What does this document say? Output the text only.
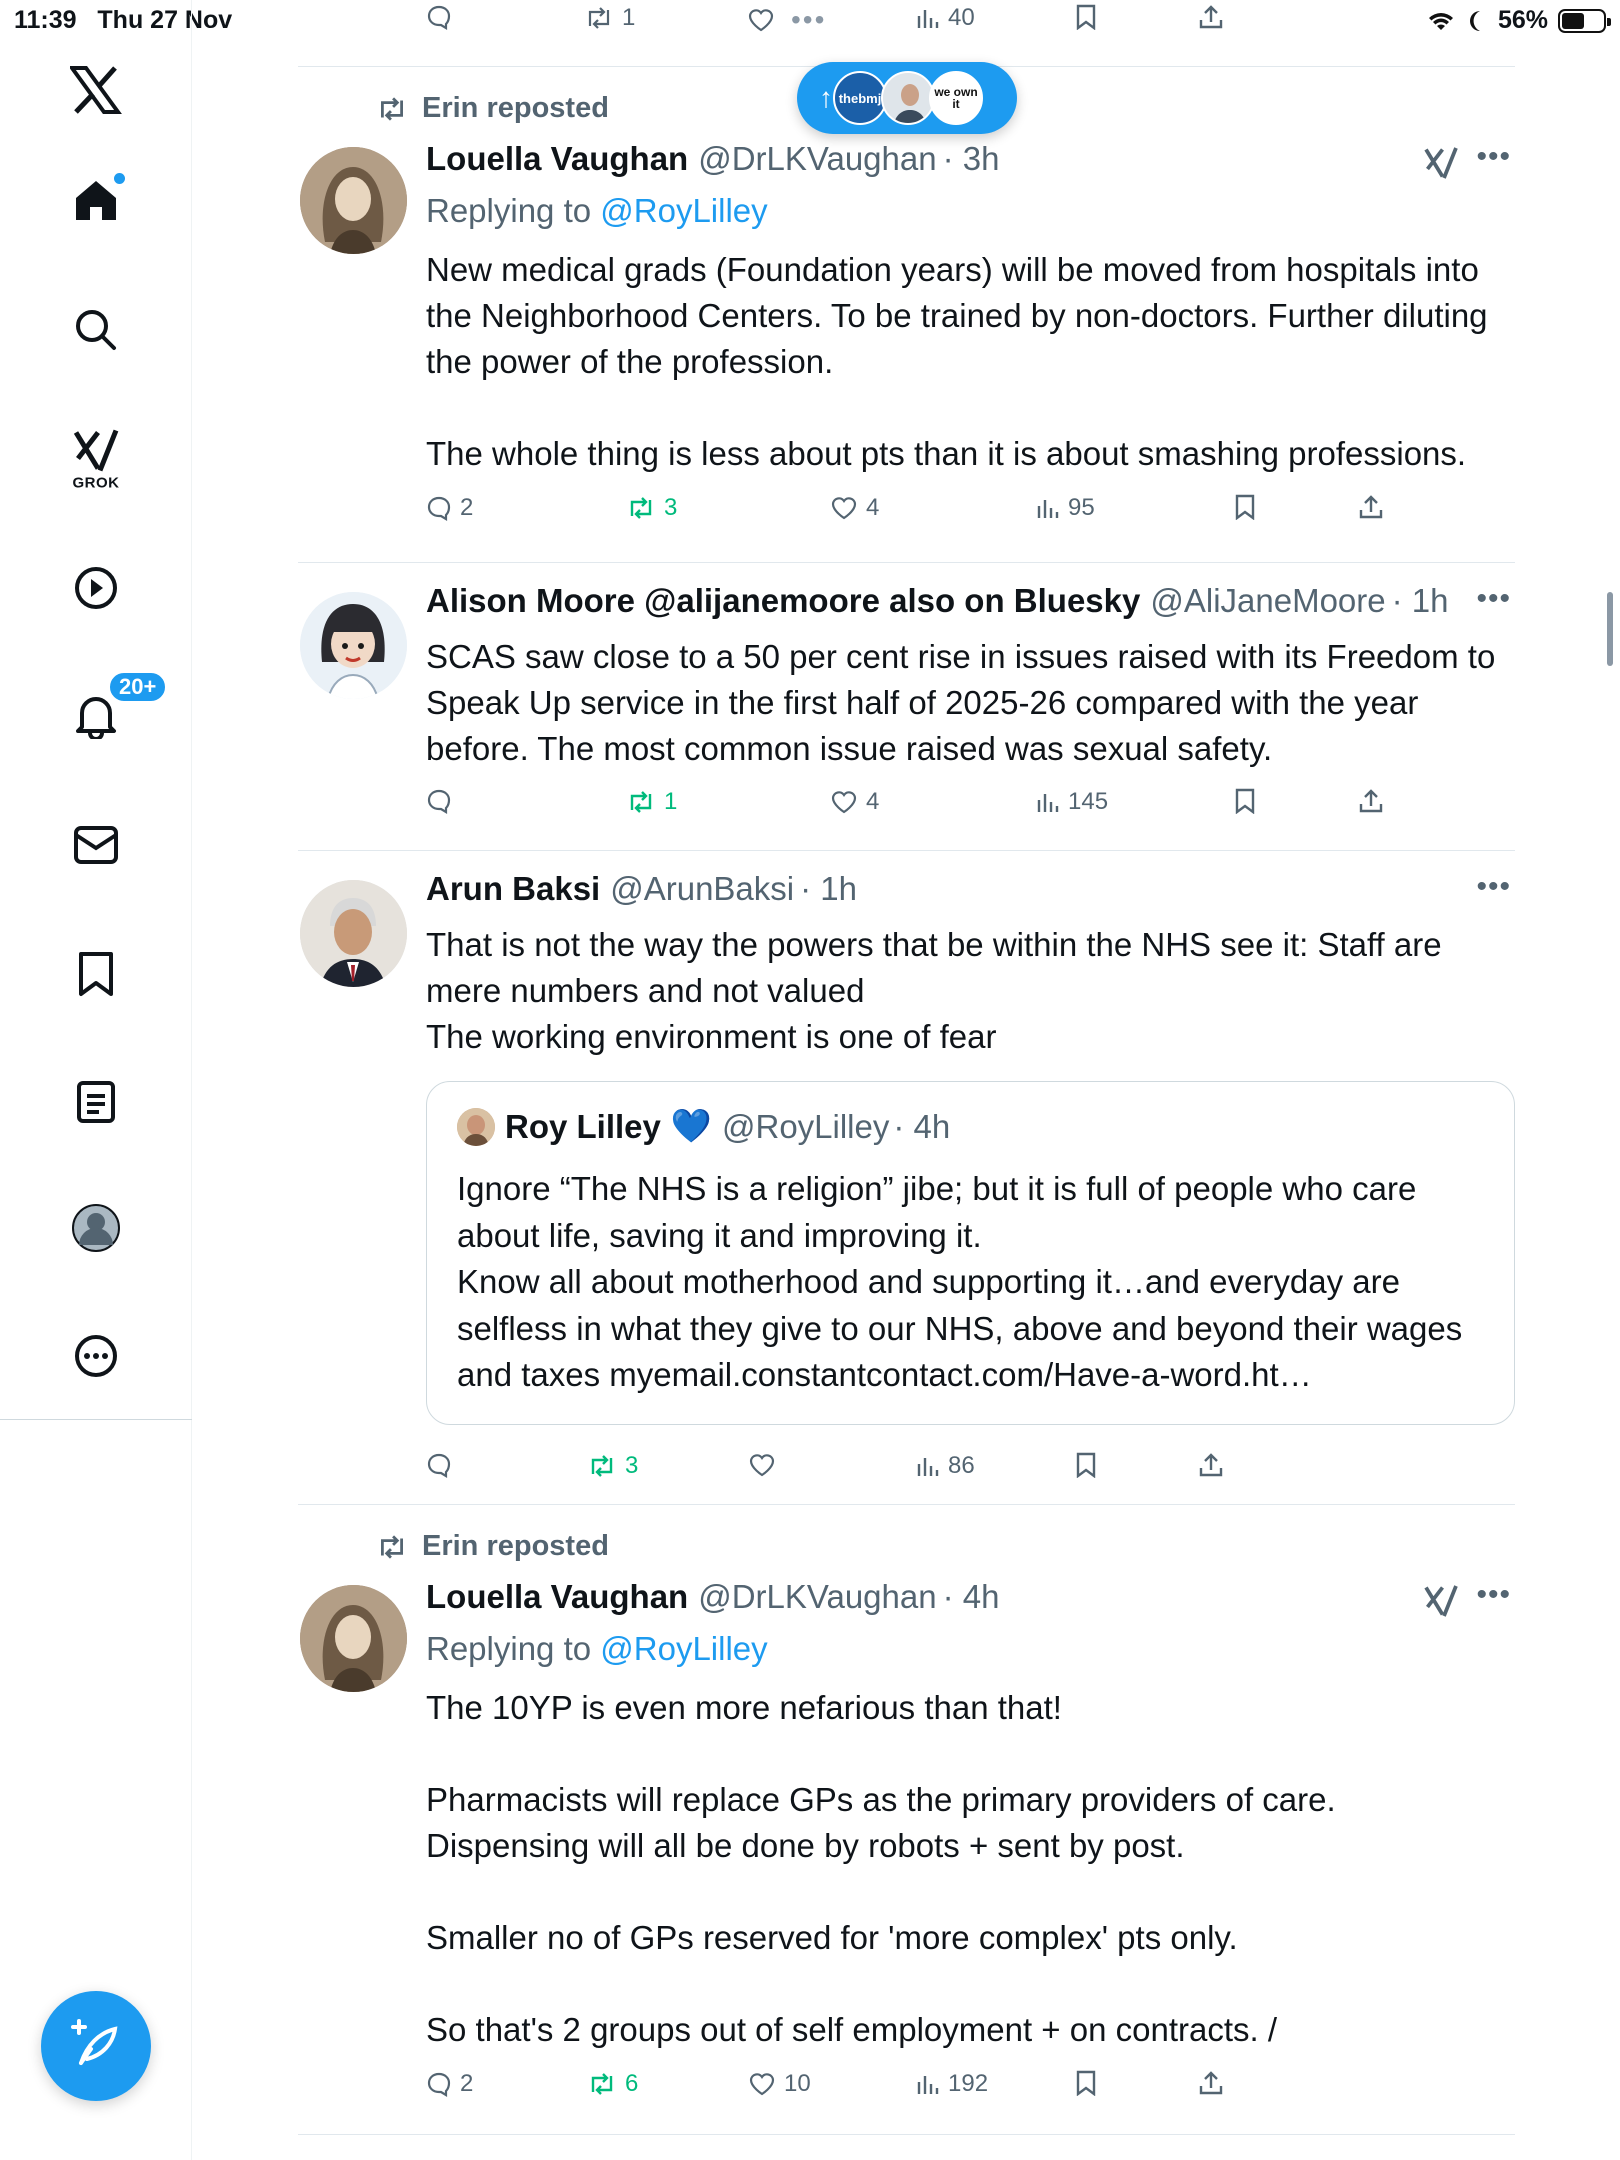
11:39 Thu 27 Nov	56%
GROK
20+
1	•••	40
Erin reposted
Louella Vaughan @DrLKVaughan · 3h	•••
Replying to @RoyLilley

New medical grads (Foundation years) will be moved from hospitals into the Neighborhood Centers. To be trained by non-doctors. Further diluting the power of the profession.

The whole thing is less about pts than it is about smashing professions.

2	3	4	95
Alison Moore @alijanemoore also on Bluesky @AliJaneMoore · 1h •••

SCAS saw close to a 50 per cent rise in issues raised with its Freedom to Speak Up service in the first half of 2025-26 compared with the year before. The most common issue raised was sexual safety.

1	4	145
Arun Baksi @ArunBaksi · 1h	•••

That is not the way the powers that be within the NHS see it: Staff are mere numbers and not valued

The working environment is one of fear

Roy Lilley 💙 @RoyLilley · 4h
Ignore “The NHS is a religion” jibe; but it is full of people who care about life, saving it and improving it.
Know all about motherhood and supporting it…and everyday are selfless in what they give to our NHS, above and beyond their wages and taxes myemail.constantcontact.com/Have-a-word.ht…
3	86
Erin reposted
Louella Vaughan @DrLKVaughan · 4h	•••
Replying to @RoyLilley

The 10YP is even more nefarious than that!

Pharmacists will replace GPs as the primary providers of care.

Dispensing will all be done by robots + sent by post.

Smaller no of GPs reserved for 'more complex' pts only.

So that's 2 groups out of self employment + on contracts. /

2	6	10	192
↑ thebmj	we own it
